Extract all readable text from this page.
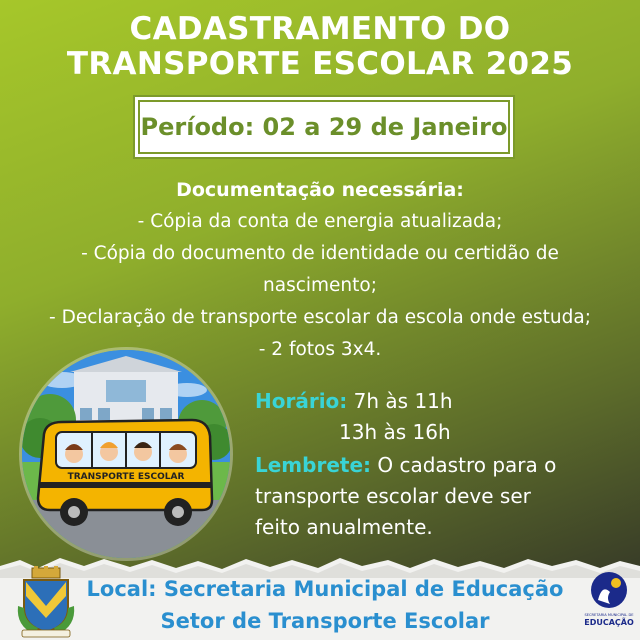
CADASTRAMENTO DO
TRANSPORTE ESCOLAR 2025
Período: 02 a 29 de Janeiro
Documentação necessária:
- Cópia da conta de energia atualizada;
- Cópia do documento de identidade ou certidão de
nascimento;
- Declaração de transporte escolar da escola onde estuda;
- 2 fotos 3x4.
TRANSPORTE ESCOLAR
Horário: 7h às 11h
13h às 16h
Lembrete: O cadastro para o
transporte escolar deve ser
feito anualmente.
Local: Secretaria Municipal de Educação
Setor de Transporte Escolar	SECRETARIA MUNICIPAL DE
EDUCAÇÃO
